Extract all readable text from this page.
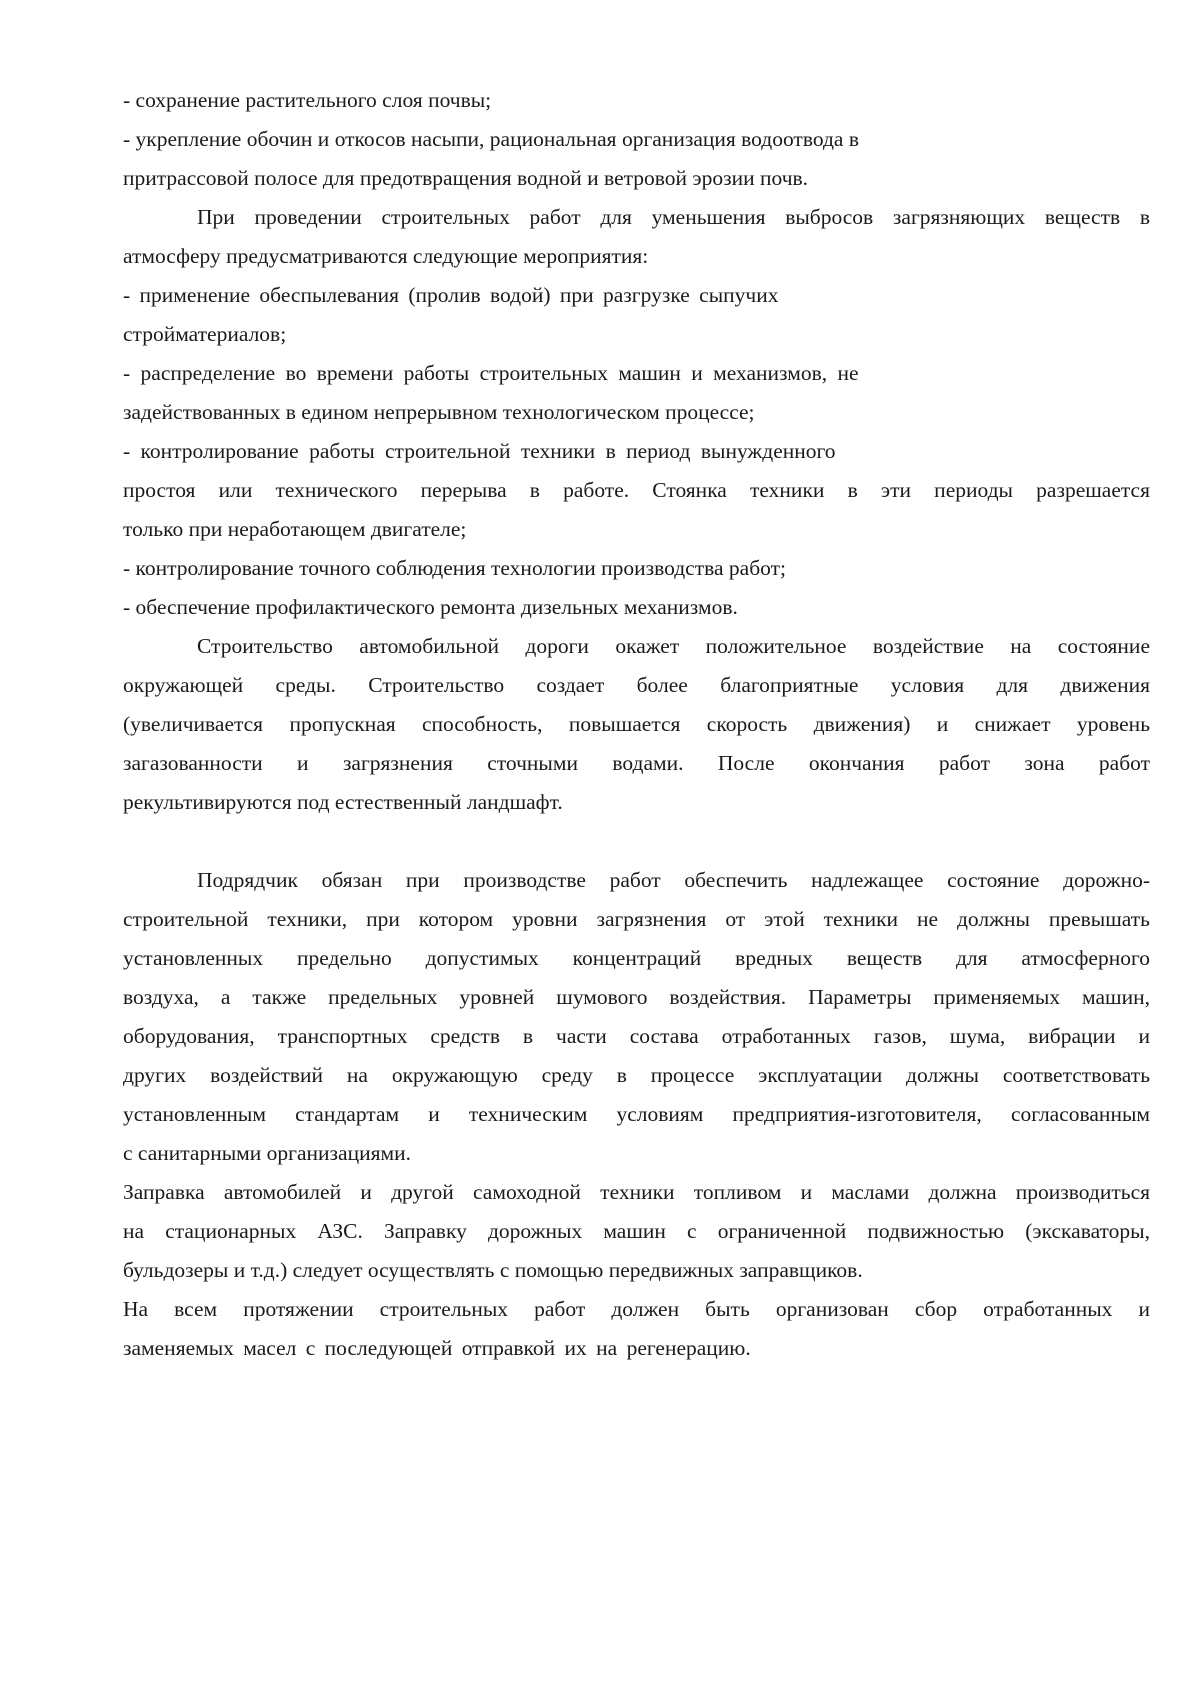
- сохранение растительного слоя почвы;
- укрепление обочин и откосов насыпи, рациональная организация водоотвода в
притрассовой полосе для предотвращения водной и ветровой эрозии почв.
При проведении строительных работ для уменьшения выбросов загрязняющих веществ в
атмосферу предусматриваются следующие мероприятия:
- применение обеспылевания (пролив водой) при разгрузке сыпучих
стройматериалов;
- распределение во времени работы строительных машин и механизмов, не
задействованных в едином непрерывном технологическом процессе;
- контролирование работы строительной техники в период вынужденного
простоя или технического перерыва в работе. Стоянка техники в эти периоды разрешается
только при неработающем двигателе;
- контролирование точного соблюдения технологии производства работ;
- обеспечение профилактического ремонта дизельных механизмов.
Строительство автомобильной дороги окажет положительное воздействие на состояние
окружающей среды. Строительство создает более благоприятные условия для движения
(увеличивается пропускная способность, повышается скорость движения) и снижает уровень
загазованности и загрязнения сточными водами. После окончания работ зона работ
рекультивируются под естественный ландшафт.
Подрядчик обязан при производстве работ обеспечить надлежащее состояние дорожно-
строительной техники, при котором уровни загрязнения от этой техники не должны превышать
установленных предельно допустимых концентраций вредных веществ для атмосферного
воздуха, а также предельных уровней шумового воздействия. Параметры применяемых машин,
оборудования, транспортных средств в части состава отработанных газов, шума, вибрации и
других воздействий на окружающую среду в процессе эксплуатации должны соответствовать
установленным стандартам и техническим условиям предприятия-изготовителя, согласованным
с санитарными организациями.
Заправка автомобилей и другой самоходной техники топливом и маслами должна производиться
на стационарных АЗС. Заправку дорожных машин с ограниченной подвижностью (экскаваторы,
бульдозеры и т.д.) следует осуществлять с помощью передвижных заправщиков.
На всем протяжении строительных работ должен быть организован сбор отработанных и
заменяемых масел с последующей отправкой их на регенерацию.
